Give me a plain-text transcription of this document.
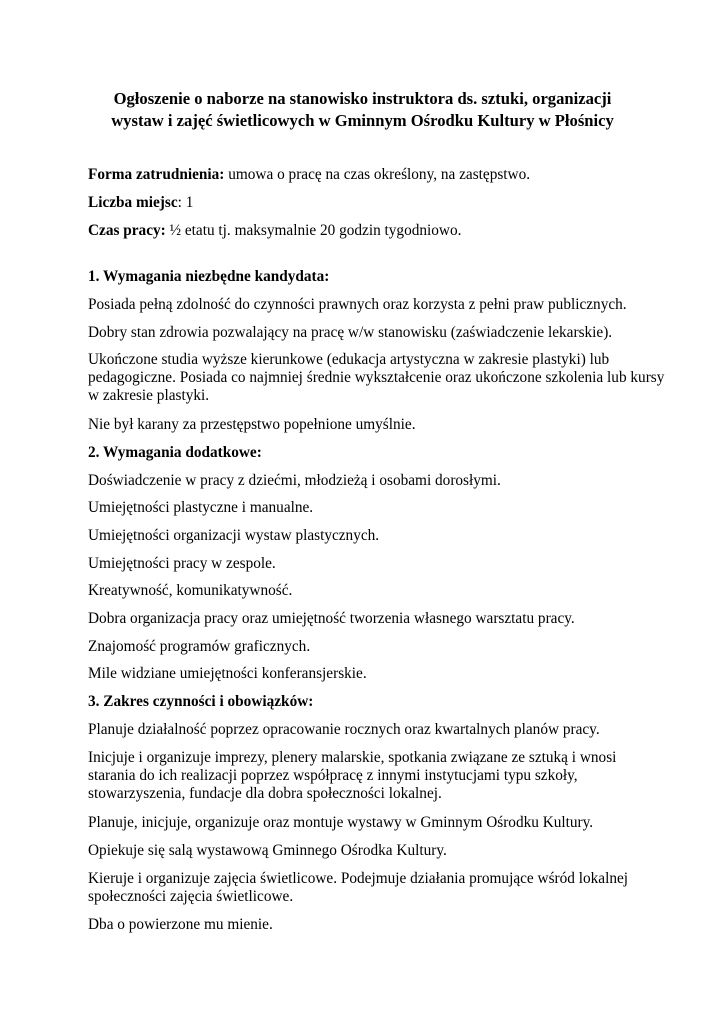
Ogłoszenie o naborze na stanowisko instruktora ds. sztuki, organizacji
wystaw i zajęć świetlicowych w Gminnym Ośrodku Kultury w Płośnicy
Forma zatrudnienia: umowa o pracę na czas określony, na zastępstwo.
Liczba miejsc: 1
Czas pracy: ½ etatu tj. maksymalnie 20 godzin tygodniowo.
1. Wymagania niezbędne kandydata:
Posiada pełną zdolność do czynności prawnych oraz korzysta z pełni praw publicznych.
Dobry stan zdrowia pozwalający na pracę w/w stanowisku (zaświadczenie lekarskie).
Ukończone studia wyższe kierunkowe (edukacja artystyczna w zakresie plastyki) lub
pedagogiczne. Posiada co najmniej średnie wykształcenie oraz ukończone szkolenia lub kursy
w zakresie plastyki.
Nie był karany za przestępstwo popełnione umyślnie.
2. Wymagania dodatkowe:
Doświadczenie w pracy z dziećmi, młodzieżą i osobami dorosłymi.
Umiejętności plastyczne i manualne.
Umiejętności organizacji wystaw plastycznych.
Umiejętności pracy w zespole.
Kreatywność, komunikatywność.
Dobra organizacja pracy oraz umiejętność tworzenia własnego warsztatu pracy.
Znajomość programów graficznych.
Mile widziane umiejętności konferansjerskie.
3. Zakres czynności i obowiązków:
Planuje działalność poprzez opracowanie rocznych oraz kwartalnych planów pracy.
Inicjuje i organizuje imprezy, plenery malarskie, spotkania związane ze sztuką i wnosi
starania do ich realizacji poprzez współpracę z innymi instytucjami typu szkoły,
stowarzyszenia, fundacje dla dobra społeczności lokalnej.
Planuje, inicjuje, organizuje oraz montuje wystawy w Gminnym Ośrodku Kultury.
Opiekuje się salą wystawową Gminnego Ośrodka Kultury.
Kieruje i organizuje zajęcia świetlicowe. Podejmuje działania promujące wśród lokalnej
społeczności zajęcia świetlicowe.
Dba o powierzone mu mienie.
